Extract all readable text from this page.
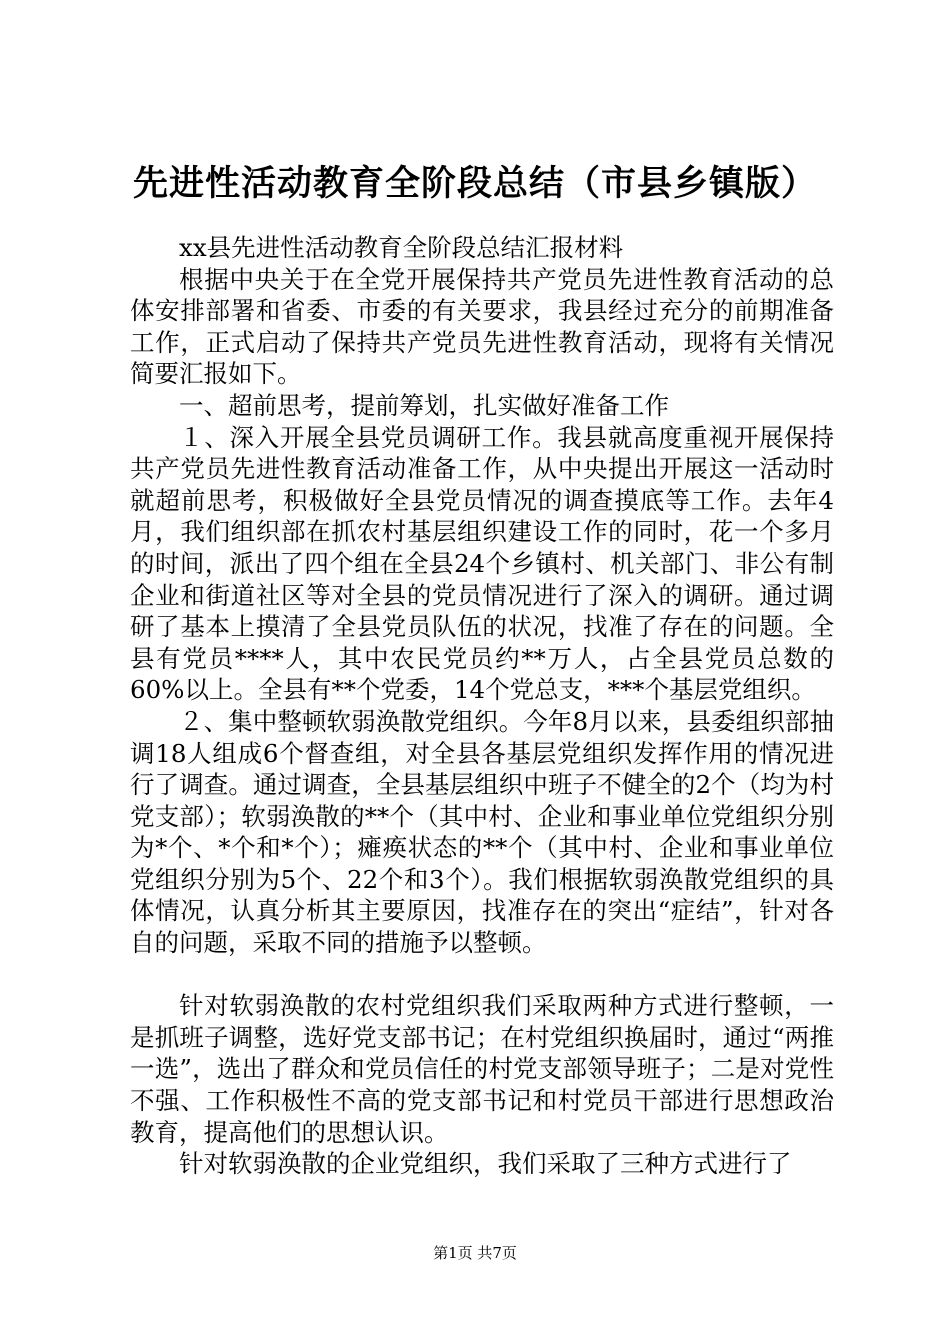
先进性活动教育全阶段总结（市县乡镇版）

xx县先进性活动教育全阶段总结汇报材料

根据中央关于在全党开展保持共产党员先进性教育活动的总体安排部署和省委、市委的有关要求，我县经过充分的前期准备工作，正式启动了保持共产党员先进性教育活动，现将有关情况简要汇报如下。

一、超前思考，提前筹划，扎实做好准备工作

１、深入开展全县党员调研工作。我县就高度重视开展保持共产党员先进性教育活动准备工作，从中央提出开展这一活动时就超前思考，积极做好全县党员情况的调查摸底等工作。去年4月，我们组织部在抓农村基层组织建设工作的同时，花一个多月的时间，派出了四个组在全县24个乡镇村、机关部门、非公有制企业和街道社区等对全县的党员情况进行了深入的调研。通过调研了基本上摸清了全县党员队伍的状况，找准了存在的问题。全县有党员****人，其中农民党员约**万人，占全县党员总数的60%以上。全县有**个党委，14个党总支，***个基层党组织。

２、集中整顿软弱涣散党组织。今年8月以来，县委组织部抽调18人组成6个督查组，对全县各基层党组织发挥作用的情况进行了调查。通过调查，全县基层组织中班子不健全的2个（均为村党支部）；软弱涣散的**个（其中村、企业和事业单位党组织分别为*个、*个和*个）；瘫痪状态的**个（其中村、企业和事业单位党组织分别为5个、22个和3个）。我们根据软弱涣散党组织的具体情况，认真分析其主要原因，找准存在的突出“症结”，针对各自的问题，采取不同的措施予以整顿。

针对软弱涣散的农村党组织我们采取两种方式进行整顿，一是抓班子调整，选好党支部书记；在村党组织换届时，通过“两推一选”，选出了群众和党员信任的村党支部领导班子；二是对党性不强、工作积极性不高的党支部书记和村党员干部进行思想政治教育，提高他们的思想认识。

针对软弱涣散的企业党组织，我们采取了三种方式进行了

第1页 共7页
